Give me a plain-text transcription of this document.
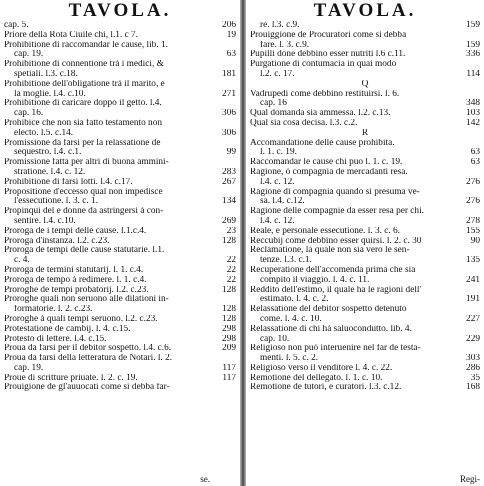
TAVOLA.
cap. 5.	206
Priore della Rota Ciuile chi, l.1. c 7.	19
Prohibitione di raccomandar le cause, lib. 1.
cap. 19.	63
Prohibitione di connentione trà i medici, &
spetiali. l.3. c.18.	181
Prohibitione dell'obligatione trà il marito, e
la moglie. l.4. c.10.	271
Prohibitione di caricare doppo il getto. l.4.
cap. 16.	306
Prohibice che non sia fatto testamento non
electo. l.5. c.14.	306
Promissione da farsi per la relassatione de
sequestro. l.4. c.1.	99
Promissione fatta per altri di buona ammini-
stratione. l.4. c. 12.	283
Prohibitione di farsi lotti. l.4. c.17.	267
Propositione d'eccesso qual non impedisce
l'essecutione. l. 3. c. 1.	134
Propinqui del e donne da astringersi à con-
sentire. l.4. c.10.	269
Proroga de i tempi delle cause. l.1.c.4.	23
Proroga d'instanza. l.2. c.23.	128
Proroga de tempi delle cause statutarie. l.1.
c. 4.	22
Proroga de termini statutarij. l. 1. c.4.	22
Proroga de tempo à redimere. l. 1. c.4.	22
Proroghe de tempi probatorij. l.2. c.23.	128
Proroghe quali non seruono alle dilationi in-
formatorie. l. 2. c.23.	128
Proroghe à quali tempi seruono. l.2. c.23.	128
Protestatione de cambij. l. 4. c.15.	298
Protesto di lettere. l.4. c.15.	298
Proua da farsi per il debitor sospetto. l.4. c.6.	209
Proua da farsi della letteratura de Notari. l. 2.
cap. 19.	117
Proue di scritture priuate. l. 2. c. 19.	117
Prouigione de gl'auuocati come si debba far-
se.
TAVOLA.
re. l.3. c.9.	159
Prouiggione de Procuratori come si debba
fare. l. 3. c.9.	159
Pupilli done debbino esser nutriti l.6 c.11.	336
Purgatione di contumacia in quai modo
l.2. c. 17.	114
Q
Vadrupedi come debbino restituirsi. l. 6.
cap. 16	348
Qual domanda sia ammessa. l.2. c.13.	103
Qual sia cosa decisa. l.3. c.2.	142
R
Accomandatione delle cause prohibita.
l. 1. c. 19.	63
Raccomandar le cause chi puo l. 1. c. 19.	63
Ragione, ò compagnia de mercadanti resa.
l.4. c. 12.	276
Ragione di compagnia quando si presuma ve-
sa. l.4. c.12.	276
Ragione delle compagnie da esser resa per chi.
l.4. c. 12.	278
Reale, e personale essecutione. l. 3. c. 6.	155
Reccubij come debbino esser quirsi. l. 2. c. 30	90
Reclamatione, la quale non sia vero le sen-
tenze. l.3. c.1.	135
Recuperatione dell'accomenda prima che sia
compito il viaggio. l. 4. c. 11.	241
Reddito dell'estimo, il quale ha le ragioni dell'
estimato. l. 4. c. 2.	191
Relassatione del debitor sospetto detenuto
come. l. 4. c. 10.	227
Relassatione di chi hà saluocondutto. lib. 4.
cap. 10.	229
Religioso non può interuenire nel far de testa-
menti. l. 5. c. 2.	303
Religioso verso il venditore l. 4. c. 22.	286
Remotione del dellegato. l. 1. c. 10.	35
Remotione de tutori, e curatori. l.3. c.12.	168
Regi-
